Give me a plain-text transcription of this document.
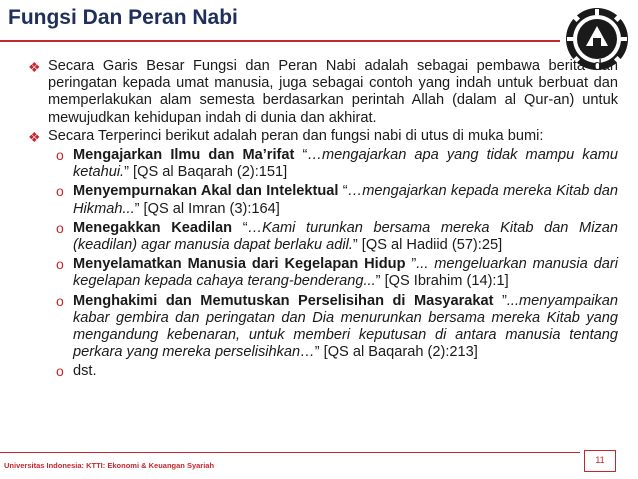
Fungsi Dan Peran Nabi
❖ Secara Garis Besar Fungsi dan Peran Nabi adalah sebagai pembawa berita dan peringatan kepada umat manusia, juga sebagai contoh yang indah untuk berbuat dan memperlakukan alam semesta berdasarkan perintah Allah (dalam al Qur-an) untuk mewujudkan kehidupan indah di dunia dan akhirat.
❖ Secara Terperinci berikut adalah peran dan fungsi nabi di utus di muka bumi:
o Mengajarkan Ilmu dan Ma’rifat “…mengajarkan apa yang tidak mampu kamu ketahui.” [QS al Baqarah (2):151]
o Menyempurnakan Akal dan Intelektual “…mengajarkan kepada mereka Kitab dan Hikmah...” [QS al Imran (3):164]
o Menegakkan Keadilan “…Kami turunkan bersama mereka Kitab dan Mizan (keadilan) agar manusia dapat berlaku adil.” [QS al Hadiid (57):25]
o Menyelamatkan Manusia dari Kegelapan Hidup ”... mengeluarkan manusia dari kegelapan kepada cahaya terang-benderang...” [QS Ibrahim (14):1]
o Menghakimi dan Memutuskan Perselisihan di Masyarakat ”...menyampaikan kabar gembira dan peringatan dan Dia menurunkan bersama mereka Kitab yang mengandung kebenaran, untuk memberi keputusan di antara manusia tentang perkara yang mereka perselisihkan…” [QS al Baqarah (2):213]
o dst.
Universitas Indonesia: KTTI: Ekonomi & Keuangan Syariah
11
